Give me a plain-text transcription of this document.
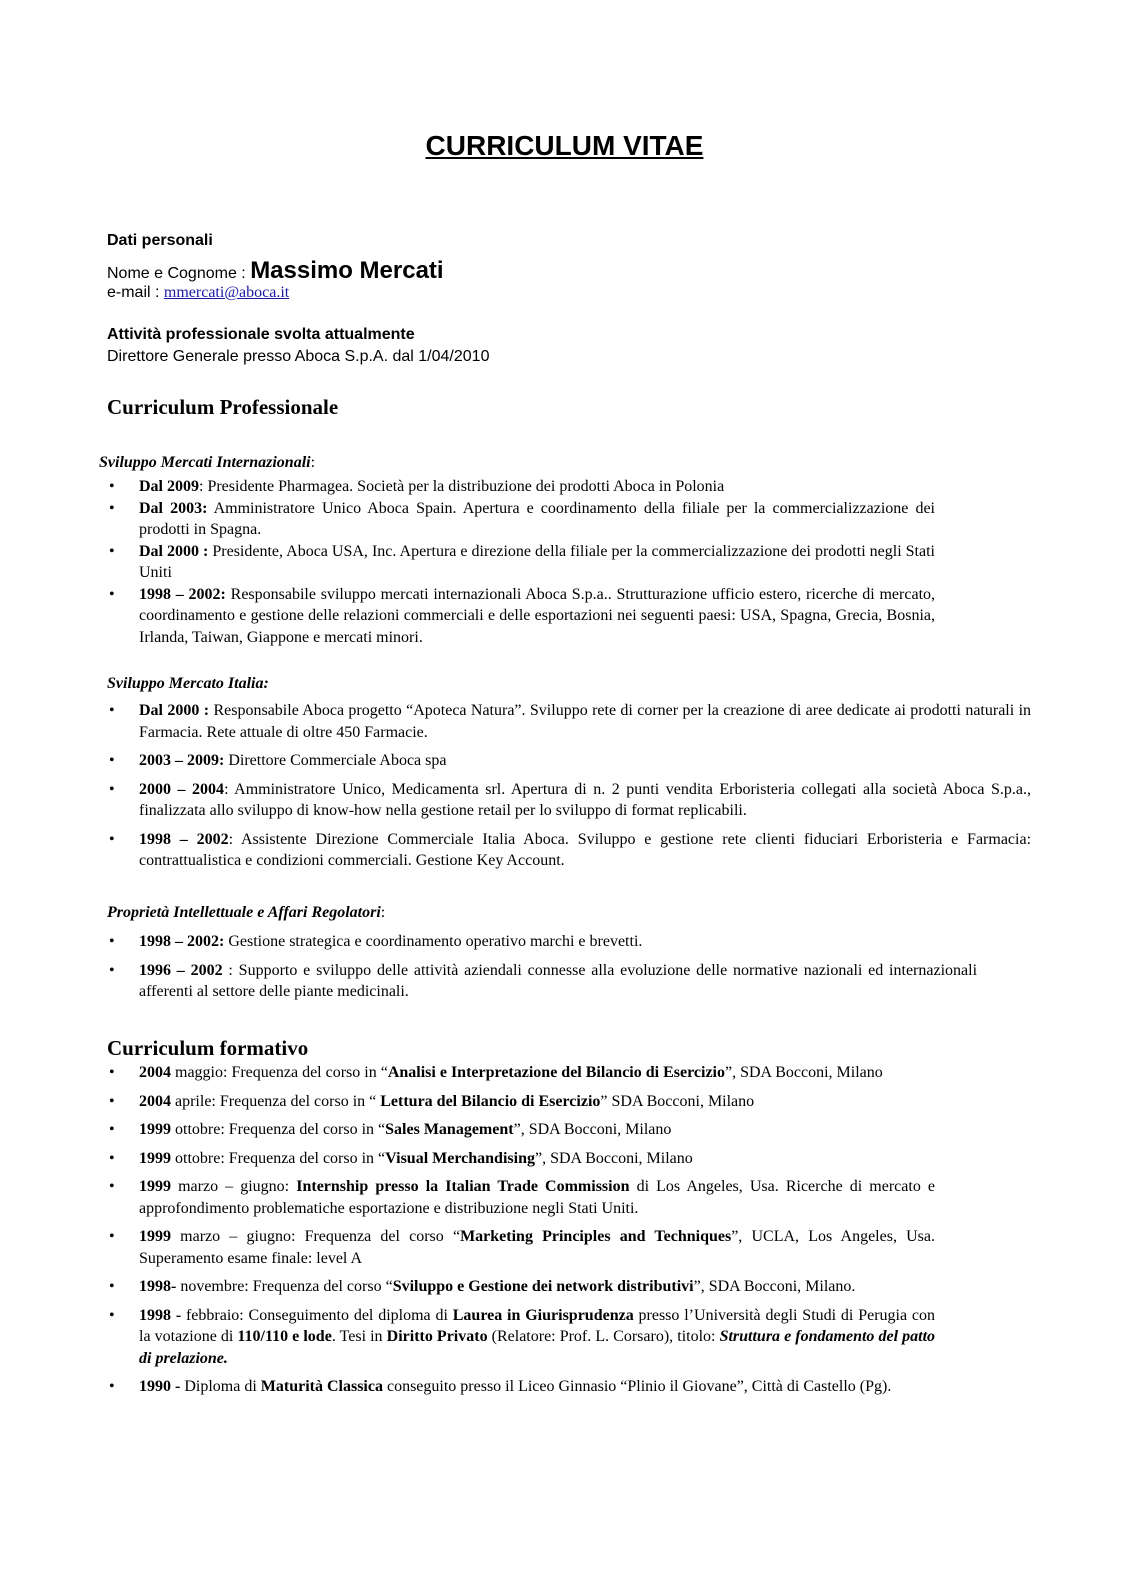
CURRICULUM VITAE
Dati personali
Nome e Cognome : Massimo Mercati
e-mail : mmercati@aboca.it
Attività professionale svolta attualmente
Direttore Generale presso Aboca S.p.A. dal 1/04/2010
Curriculum Professionale
Sviluppo Mercati Internazionali:
• Dal 2009: Presidente Pharmagea. Società per la distribuzione dei prodotti Aboca in Polonia
• Dal 2003: Amministratore Unico Aboca Spain. Apertura e coordinamento della filiale per la commercializzazione dei prodotti in Spagna.
• Dal 2000 : Presidente, Aboca USA, Inc. Apertura e direzione della filiale per la commercializzazione dei prodotti negli Stati Uniti
• 1998 – 2002: Responsabile sviluppo mercati internazionali Aboca S.p.a.. Strutturazione ufficio estero, ricerche di mercato, coordinamento e gestione delle relazioni commerciali e delle esportazioni nei seguenti paesi: USA, Spagna, Grecia, Bosnia, Irlanda, Taiwan, Giappone e mercati minori.
Sviluppo Mercato Italia:
• Dal 2000 : Responsabile Aboca progetto “Apoteca Natura”. Sviluppo rete di corner per la creazione di aree dedicate ai prodotti naturali in Farmacia. Rete attuale di oltre 450 Farmacie.
• 2003 – 2009: Direttore Commerciale Aboca spa
• 2000 – 2004: Amministratore Unico, Medicamenta srl. Apertura di n. 2 punti vendita Erboristeria collegati alla società Aboca S.p.a., finalizzata allo sviluppo di know-how nella gestione retail per lo sviluppo di format replicabili.
• 1998 – 2002: Assistente Direzione Commerciale Italia Aboca. Sviluppo e gestione rete clienti fiduciari Erboristeria e Farmacia: contrattualistica e condizioni commerciali. Gestione Key Account.
Proprietà Intellettuale e Affari Regolatori:
• 1998 – 2002: Gestione strategica e coordinamento operativo marchi e brevetti.
• 1996 – 2002 : Supporto e sviluppo delle attività aziendali connesse alla evoluzione delle normative nazionali ed internazionali afferenti al settore delle piante medicinali.
Curriculum formativo
• 2004 maggio: Frequenza del corso in “Analisi e Interpretazione del Bilancio di Esercizio”, SDA Bocconi, Milano
• 2004 aprile: Frequenza del corso in “ Lettura del Bilancio di Esercizio” SDA Bocconi, Milano
• 1999 ottobre: Frequenza del corso in “Sales Management”, SDA Bocconi, Milano
• 1999 ottobre: Frequenza del corso in “Visual Merchandising”, SDA Bocconi, Milano
• 1999 marzo – giugno: Internship presso la Italian Trade Commission di Los Angeles, Usa. Ricerche di mercato e approfondimento problematiche esportazione e distribuzione negli Stati Uniti.
• 1999 marzo – giugno: Frequenza del corso “Marketing Principles and Techniques”, UCLA, Los Angeles, Usa. Superamento esame finale: level A
• 1998- novembre: Frequenza del corso “Sviluppo e Gestione dei network distributivi”, SDA Bocconi, Milano.
• 1998 - febbraio: Conseguimento del diploma di Laurea in Giurisprudenza presso l’Università degli Studi di Perugia con la votazione di 110/110 e lode. Tesi in Diritto Privato (Relatore: Prof. L. Corsaro), titolo: Struttura e fondamento del patto di prelazione.
• 1990 - Diploma di Maturità Classica conseguito presso il Liceo Ginnasio “Plinio il Giovane”, Città di Castello (Pg).
